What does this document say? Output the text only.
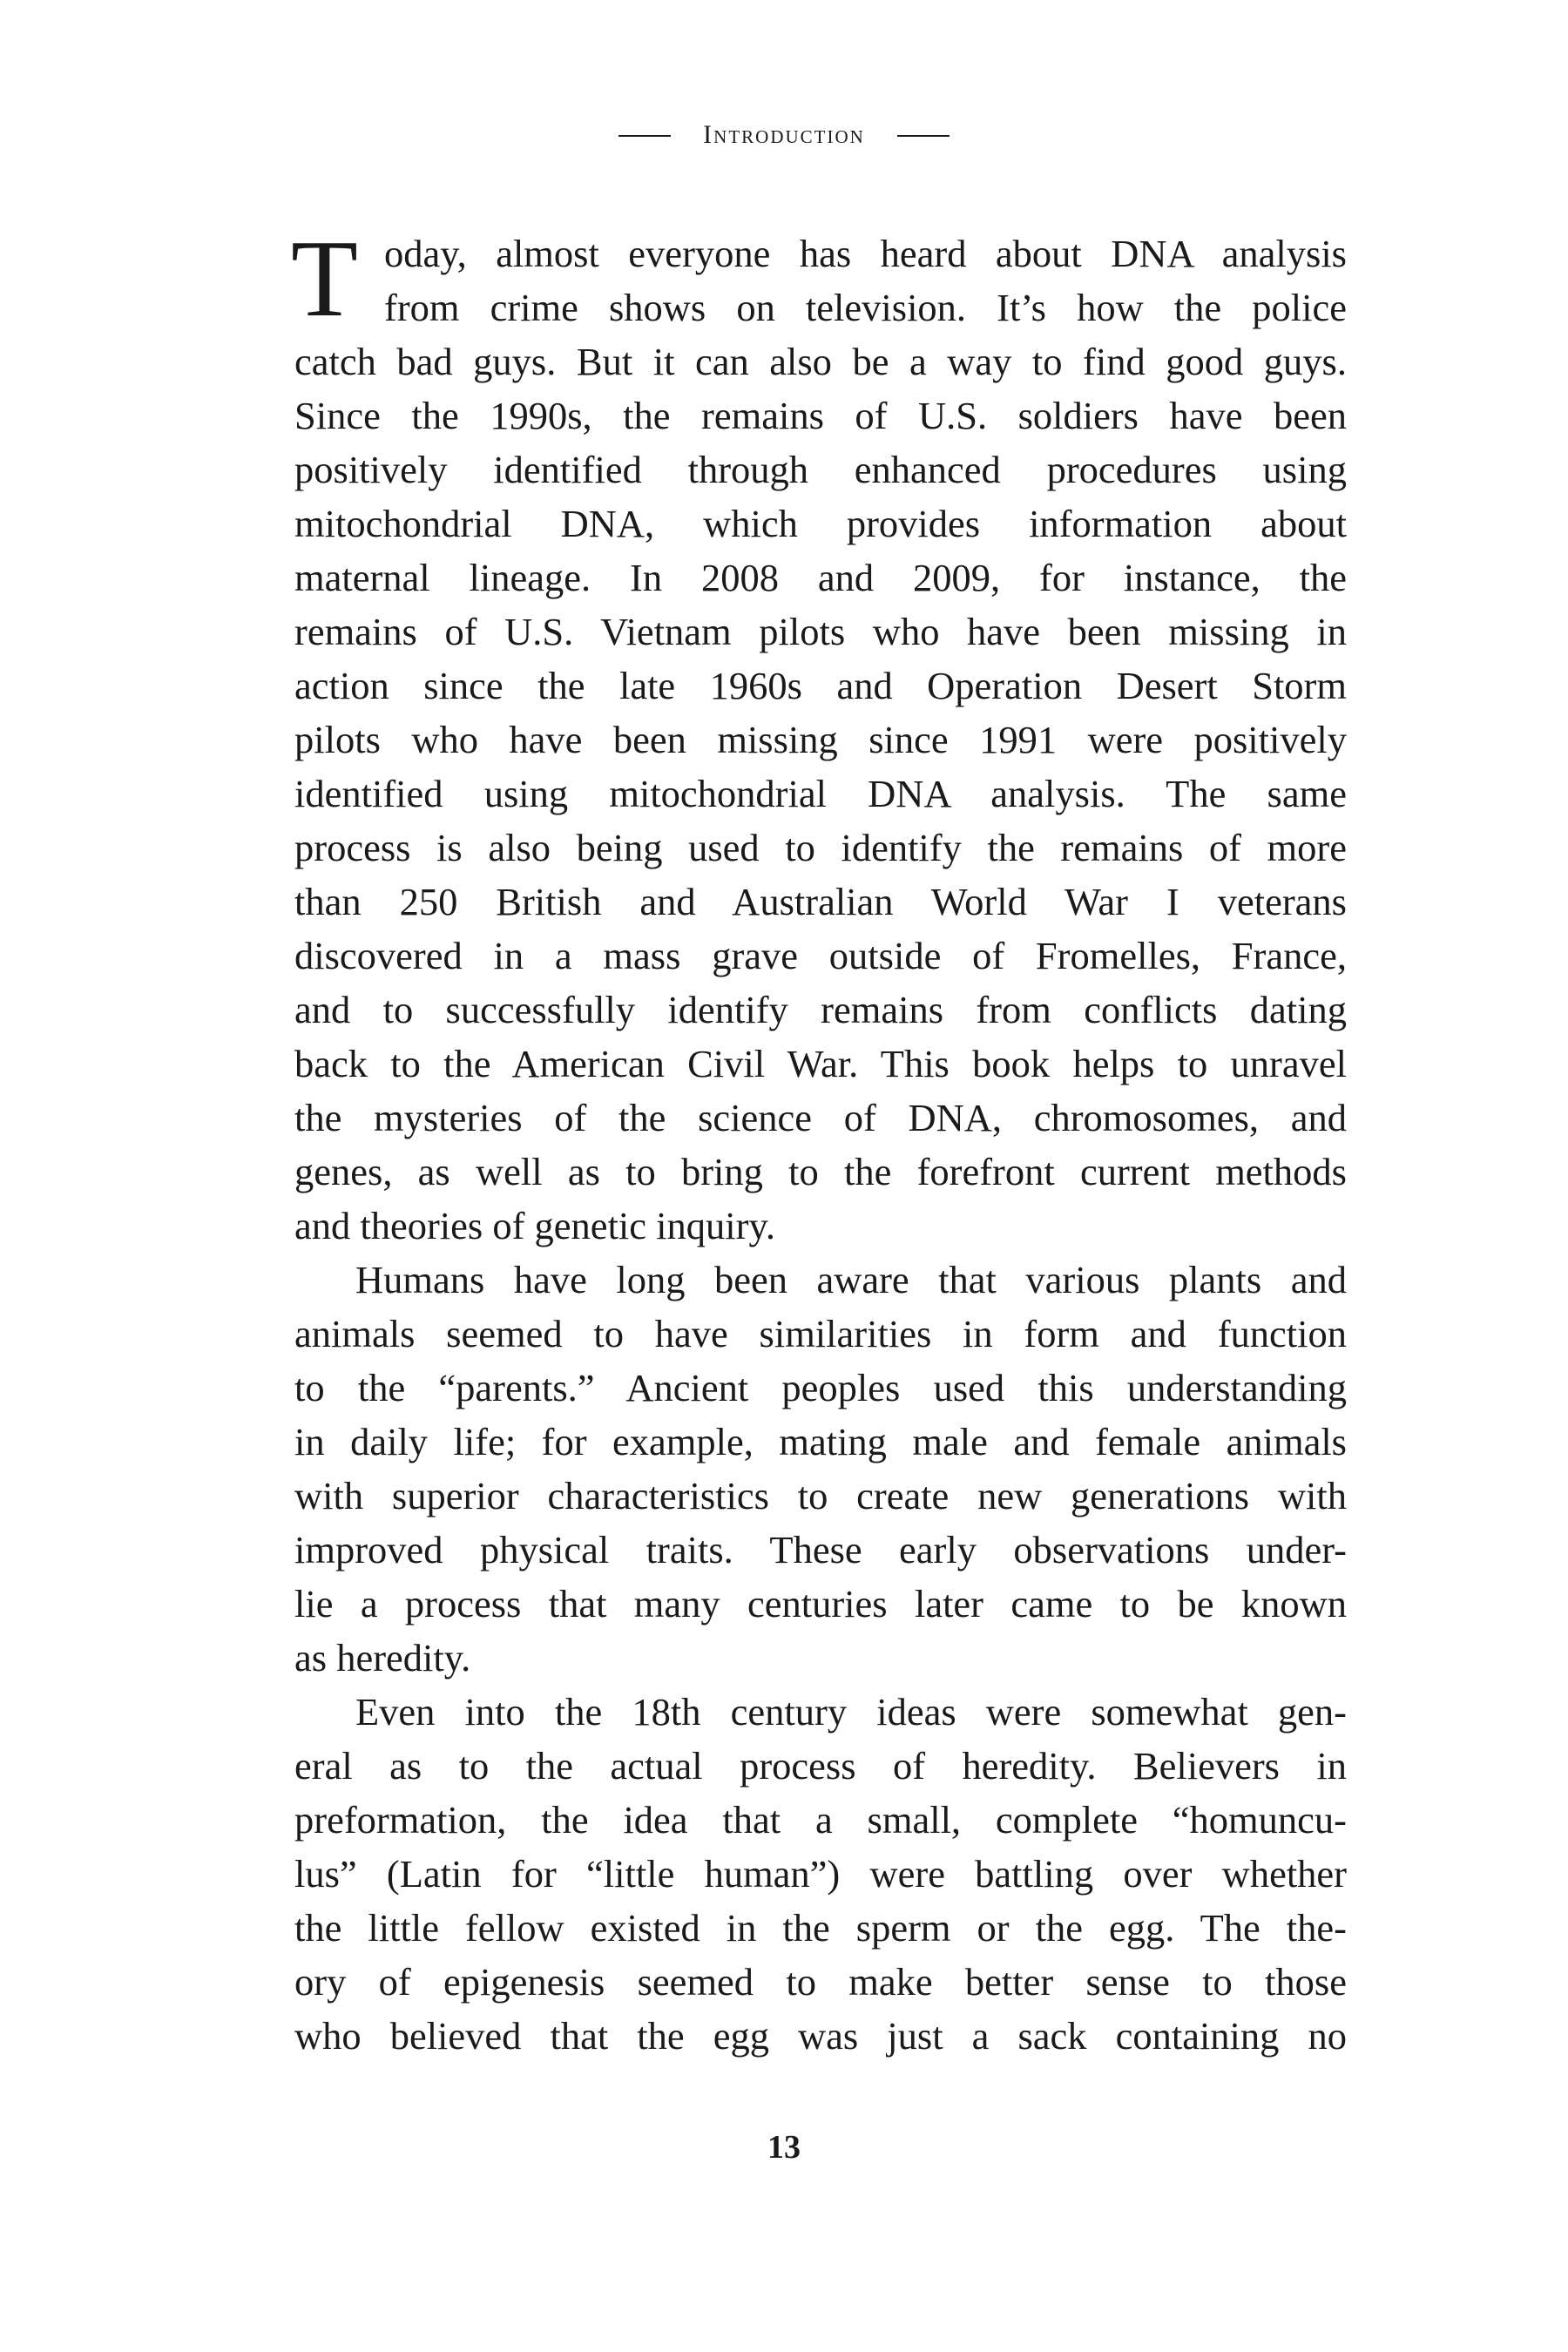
Introduction
T oday, almost everyone has heard about DNA analysis
from crime shows on television. It’s how the police
catch bad guys. But it can also be a way to find good guys.
Since the 1990s, the remains of U.S. soldiers have been
positively identified through enhanced procedures using
mitochondrial DNA, which provides information about
maternal lineage. In 2008 and 2009, for instance, the
remains of U.S. Vietnam pilots who have been missing in
action since the late 1960s and Operation Desert Storm
pilots who have been missing since 1991 were positively
identified using mitochondrial DNA analysis. The same
process is also being used to identify the remains of more
than 250 British and Australian World War I veterans
discovered in a mass grave outside of Fromelles, France,
and to successfully identify remains from conflicts dating
back to the American Civil War. This book helps to unravel
the mysteries of the science of DNA, chromosomes, and
genes, as well as to bring to the forefront current methods
and theories of genetic inquiry.
Humans have long been aware that various plants and
animals seemed to have similarities in form and function
to the “parents.” Ancient peoples used this understanding
in daily life; for example, mating male and female animals
with superior characteristics to create new generations with
improved physical traits. These early observations under-
lie a process that many centuries later came to be known
as heredity.
Even into the 18th century ideas were somewhat gen-
eral as to the actual process of heredity. Believers in
preformation, the idea that a small, complete “homuncu-
lus” (Latin for “little human”) were battling over whether
the little fellow existed in the sperm or the egg. The the-
ory of epigenesis seemed to make better sense to those
who believed that the egg was just a sack containing no
13
